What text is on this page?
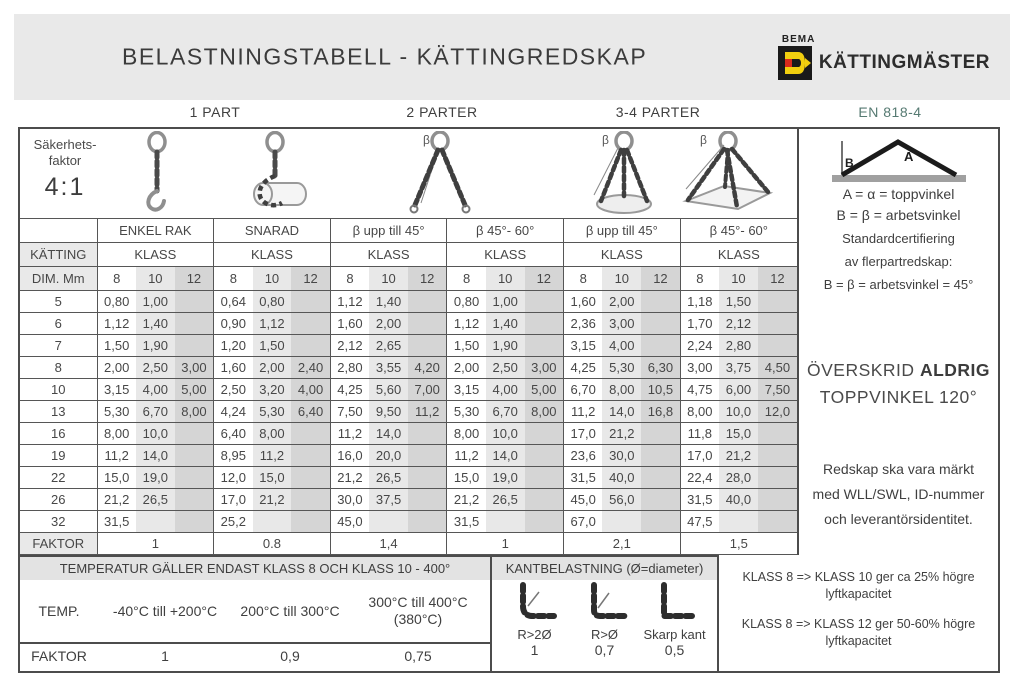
BELASTNINGSTABELL - KÄTTINGREDSKAP
BEMA
KÄTTINGMÄSTER
1 PART	2 PARTER	3-4 PARTER	EN 818-4
Säkerhets-
faktor
4:1
β	β	β
	ENKEL RAK			SNARAD			β upp till 45°			β 45°- 60°			β upp till 45°			β 45°- 60°		
KÄTTING	KLASS			KLASS			KLASS			KLASS			KLASS			KLASS		
DIM. Mm	8	10	12	8	10	12	8	10	12	8	10	12	8	10	12	8	10	12
5	0,80	1,00		0,64	0,80		1,12	1,40		0,80	1,00		1,60	2,00		1,18	1,50	
6	1,12	1,40		0,90	1,12		1,60	2,00		1,12	1,40		2,36	3,00		1,70	2,12	
7	1,50	1,90		1,20	1,50		2,12	2,65		1,50	1,90		3,15	4,00		2,24	2,80	
8	2,00	2,50	3,00	1,60	2,00	2,40	2,80	3,55	4,20	2,00	2,50	3,00	4,25	5,30	6,30	3,00	3,75	4,50
10	3,15	4,00	5,00	2,50	3,20	4,00	4,25	5,60	7,00	3,15	4,00	5,00	6,70	8,00	10,5	4,75	6,00	7,50
13	5,30	6,70	8,00	4,24	5,30	6,40	7,50	9,50	11,2	5,30	6,70	8,00	11,2	14,0	16,8	8,00	10,0	12,0
16	8,00	10,0		6,40	8,00		11,2	14,0		8,00	10,0		17,0	21,2		11,8	15,0	
19	11,2	14,0		8,95	11,2		16,0	20,0		11,2	14,0		23,6	30,0		17,0	21,2	
22	15,0	19,0		12,0	15,0		21,2	26,5		15,0	19,0		31,5	40,0		22,4	28,0	
26	21,2	26,5		17,0	21,2		30,0	37,5		21,2	26,5		45,0	56,0		31,5	40,0	
32	31,5			25,2			45,0			31,5			67,0			47,5		
FAKTOR	1			0.8			1,4			1			2,1			1,5		
A
B
A = α = toppvinkel
B = β = arbetsvinkel
Standardcertifiering
av flerpartredskap:
B = β = arbetsvinkel = 45°
ÖVERSKRID ALDRIG
TOPPVINKEL 120°
Redskap ska vara märkt
med WLL/SWL, ID-nummer
och leverantörsidentitet.
TEMPERATUR GÄLLER ENDAST KLASS 8 OCH KLASS 10 - 400°
TEMP.	-40°C till +200°C	200°C till 300°C
300°C till 400°C
(380°C)
FAKTOR	1	0,9	0,75
KANTBELASTNING (Ø=diameter)
R>2Ø
1
R>Ø
0,7
Skarp kant
0,5
KLASS 8 => KLASS 10 ger ca 25% högre
lyftkapacitet
KLASS 8 => KLASS 12 ger 50-60% högre
lyftkapacitet
